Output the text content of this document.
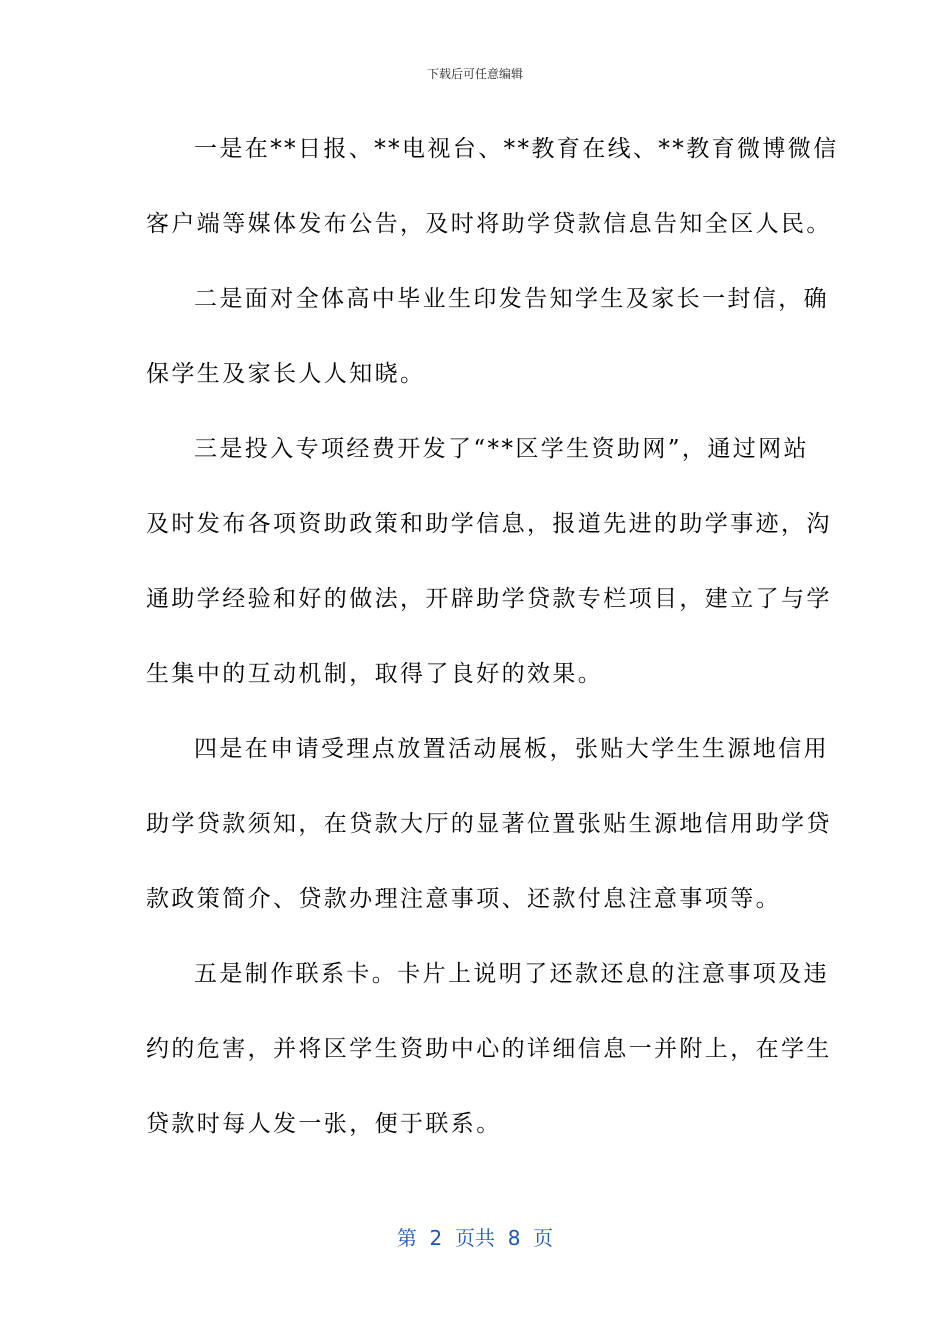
下载后可任意编辑
一是在**日报、**电视台、**教育在线、**教育微博微信
客户端等媒体发布公告，及时将助学贷款信息告知全区人民。
二是面对全体高中毕业生印发告知学生及家长一封信，确
保学生及家长人人知晓。
三是投入专项经费开发了“**区学生资助网”，通过网站
及时发布各项资助政策和助学信息，报道先进的助学事迹，沟
通助学经验和好的做法，开辟助学贷款专栏项目，建立了与学
生集中的互动机制，取得了良好的效果。
四是在申请受理点放置活动展板，张贴大学生生源地信用
助学贷款须知，在贷款大厅的显著位置张贴生源地信用助学贷
款政策简介、贷款办理注意事项、还款付息注意事项等。
五是制作联系卡。卡片上说明了还款还息的注意事项及违
约的危害，并将区学生资助中心的详细信息一并附上，在学生
贷款时每人发一张，便于联系。
第  2  页共  8  页
